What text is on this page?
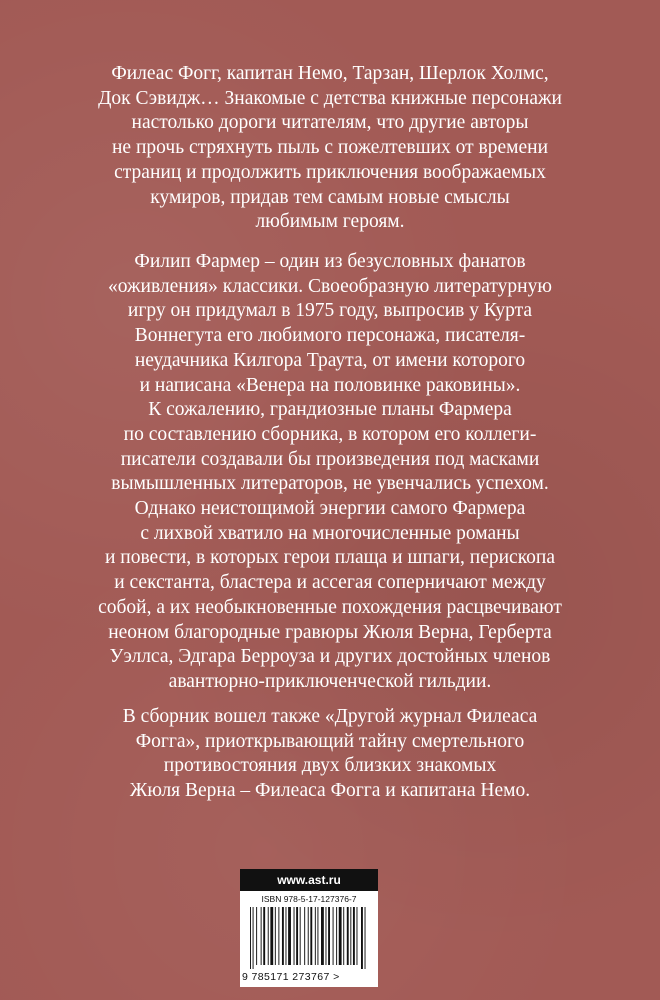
Филеас Фогг, капитан Немо, Тарзан, Шерлок Холмс,
Док Сэвидж… Знакомые с детства книжные персонажи
настолько дороги читателям, что другие авторы
не прочь стряхнуть пыль с пожелтевших от времени
страниц и продолжить приключения воображаемых
кумиров, придав тем самым новые смыслы
любимым героям.
Филип Фармер – один из безусловных фанатов
«оживления» классики. Своеобразную литературную
игру он придумал в 1975 году, выпросив у Курта
Воннегута его любимого персонажа, писателя-
неудачника Килгора Траута, от имени которого
и написана «Венера на половинке раковины».
К сожалению, грандиозные планы Фармера
по составлению сборника, в котором его коллеги-
писатели создавали бы произведения под масками
вымышленных литераторов, не увенчались успехом.
Однако неистощимой энергии самого Фармера
с лихвой хватило на многочисленные романы
и повести, в которых герои плаща и шпаги, перископа
и секстанта, бластера и ассегая соперничают между
собой, а их необыкновенные похождения расцвечивают
неоном благородные гравюры Жюля Верна, Герберта
Уэллса, Эдгара Берроуза и других достойных членов
авантюрно-приключенческой гильдии.
В сборник вошел также «Другой журнал Филеаса
Фогга», приоткрывающий тайну смертельного
противостояния двух близких знакомых
Жюля Верна – Филеаса Фогга и капитана Немо.
www.ast.ru
ISBN 978-5-17-127376-7
9 785171 273767 >
